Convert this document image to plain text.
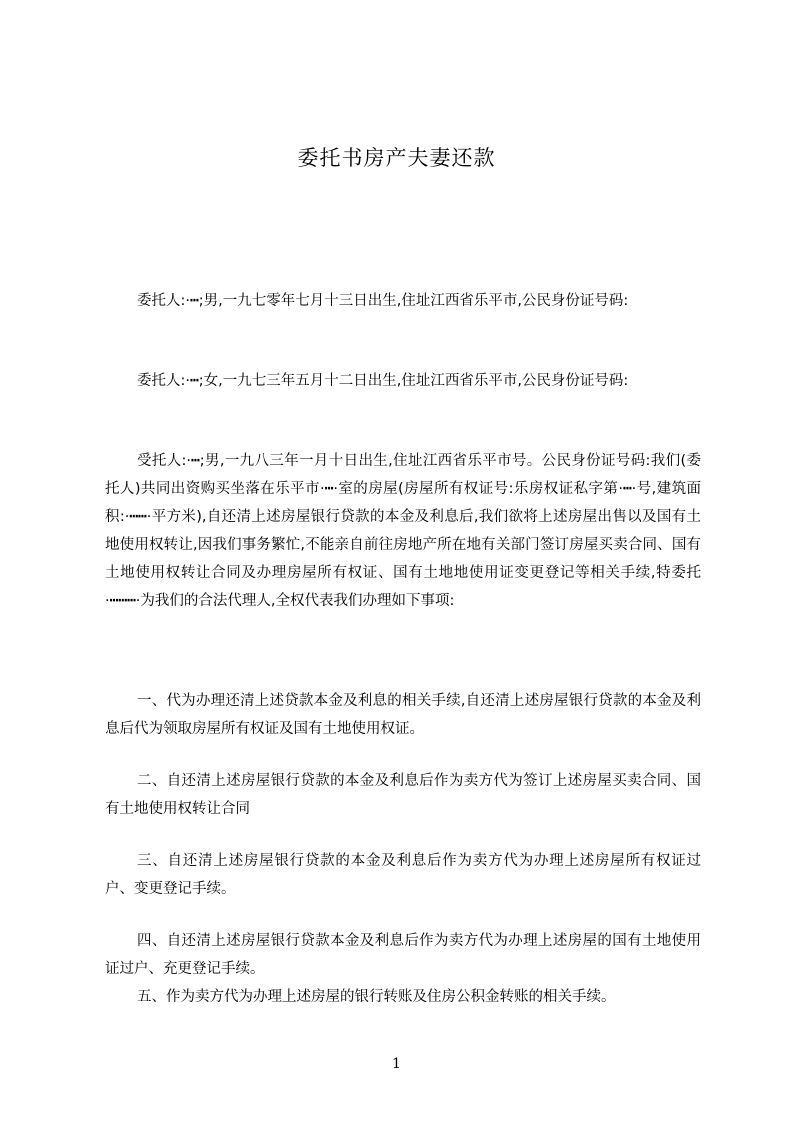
委托书房产夫妻还款

委托人:·┅;男,一九七零年七月十三日出生,住址江西省乐平市,公民身份证号码:

委托人:·┅;女,一九七三年五月十二日出生,住址江西省乐平市,公民身份证号码:

受托人:·┅;男,一九八三年一月十日出生,住址江西省乐平市号。公民身份证号码:我们(委托人)共同出资购买坐落在乐平市·┅·室的房屋(房屋所有权证号:乐房权证私字第·┅·号,建筑面积:·┅┅·平方米),自还清上述房屋银行贷款的本金及利息后,我们欲将上述房屋出售以及国有土地使用权转让,因我们事务繁忙,不能亲自前往房地产所在地有关部门签订房屋买卖合同、国有土地使用权转让合同及办理房屋所有权证、国有土地地使用证变更登记等相关手续,特委托·┅┅┅·为我们的合法代理人,全权代表我们办理如下事项:

一、代为办理还清上述贷款本金及利息的相关手续,自还清上述房屋银行贷款的本金及利息后代为领取房屋所有权证及国有土地使用权证。

二、自还清上述房屋银行贷款的本金及利息后作为卖方代为签订上述房屋买卖合同、国有土地使用权转让合同

三、自还清上述房屋银行贷款的本金及利息后作为卖方代为办理上述房屋所有权证过户、变更登记手续。

四、自还清上述房屋银行贷款本金及利息后作为卖方代为办理上述房屋的国有土地使用证过户、充更登记手续。

五、作为卖方代为办理上述房屋的银行转账及住房公积金转账的相关手续。

1
